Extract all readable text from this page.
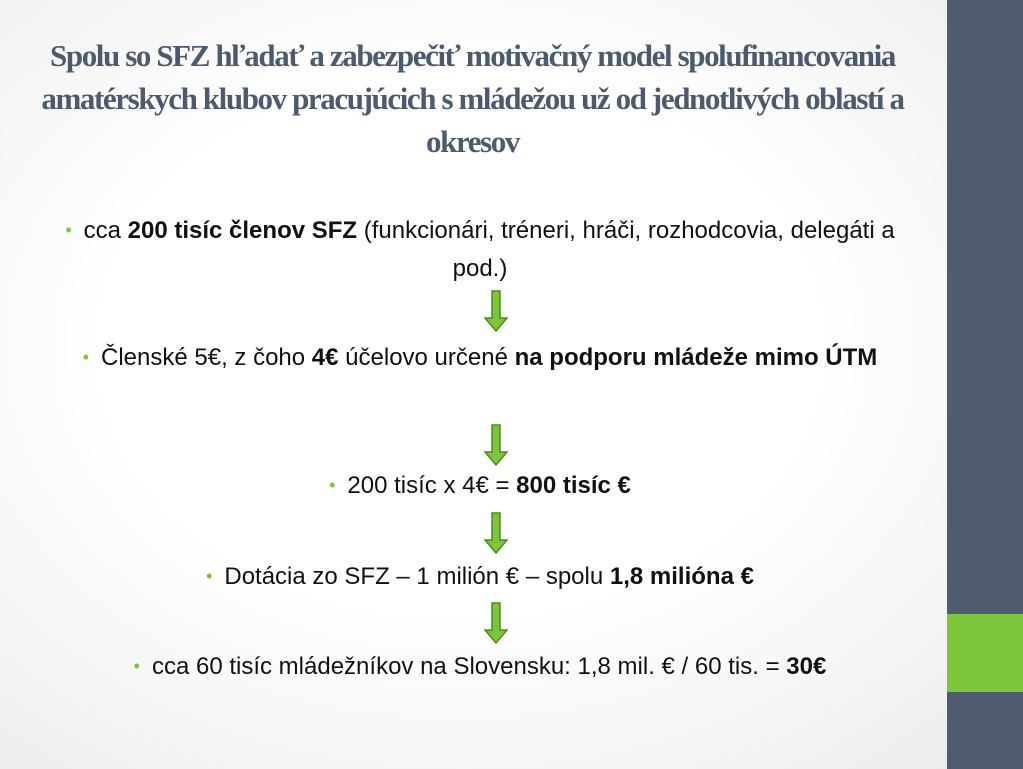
Spolu so SFZ hľadať a zabezpečiť motivačný model spolufinancovania amatérskych klubov pracujúcich s mládežou už od jednotlivých oblastí a okresov
• cca 200 tisíc členov SFZ (funkcionári, tréneri, hráči, rozhodcovia, delegáti a pod.)
• Členské 5€, z čoho 4€ účelovo určené na podporu mládeže mimo ÚTM
• 200 tisíc x 4€ = 800 tisíc €
• Dotácia zo SFZ – 1 milión € – spolu 1,8 milióna €
• cca 60 tisíc mládežníkov na Slovensku: 1,8 mil. € / 60 tis. = 30€
